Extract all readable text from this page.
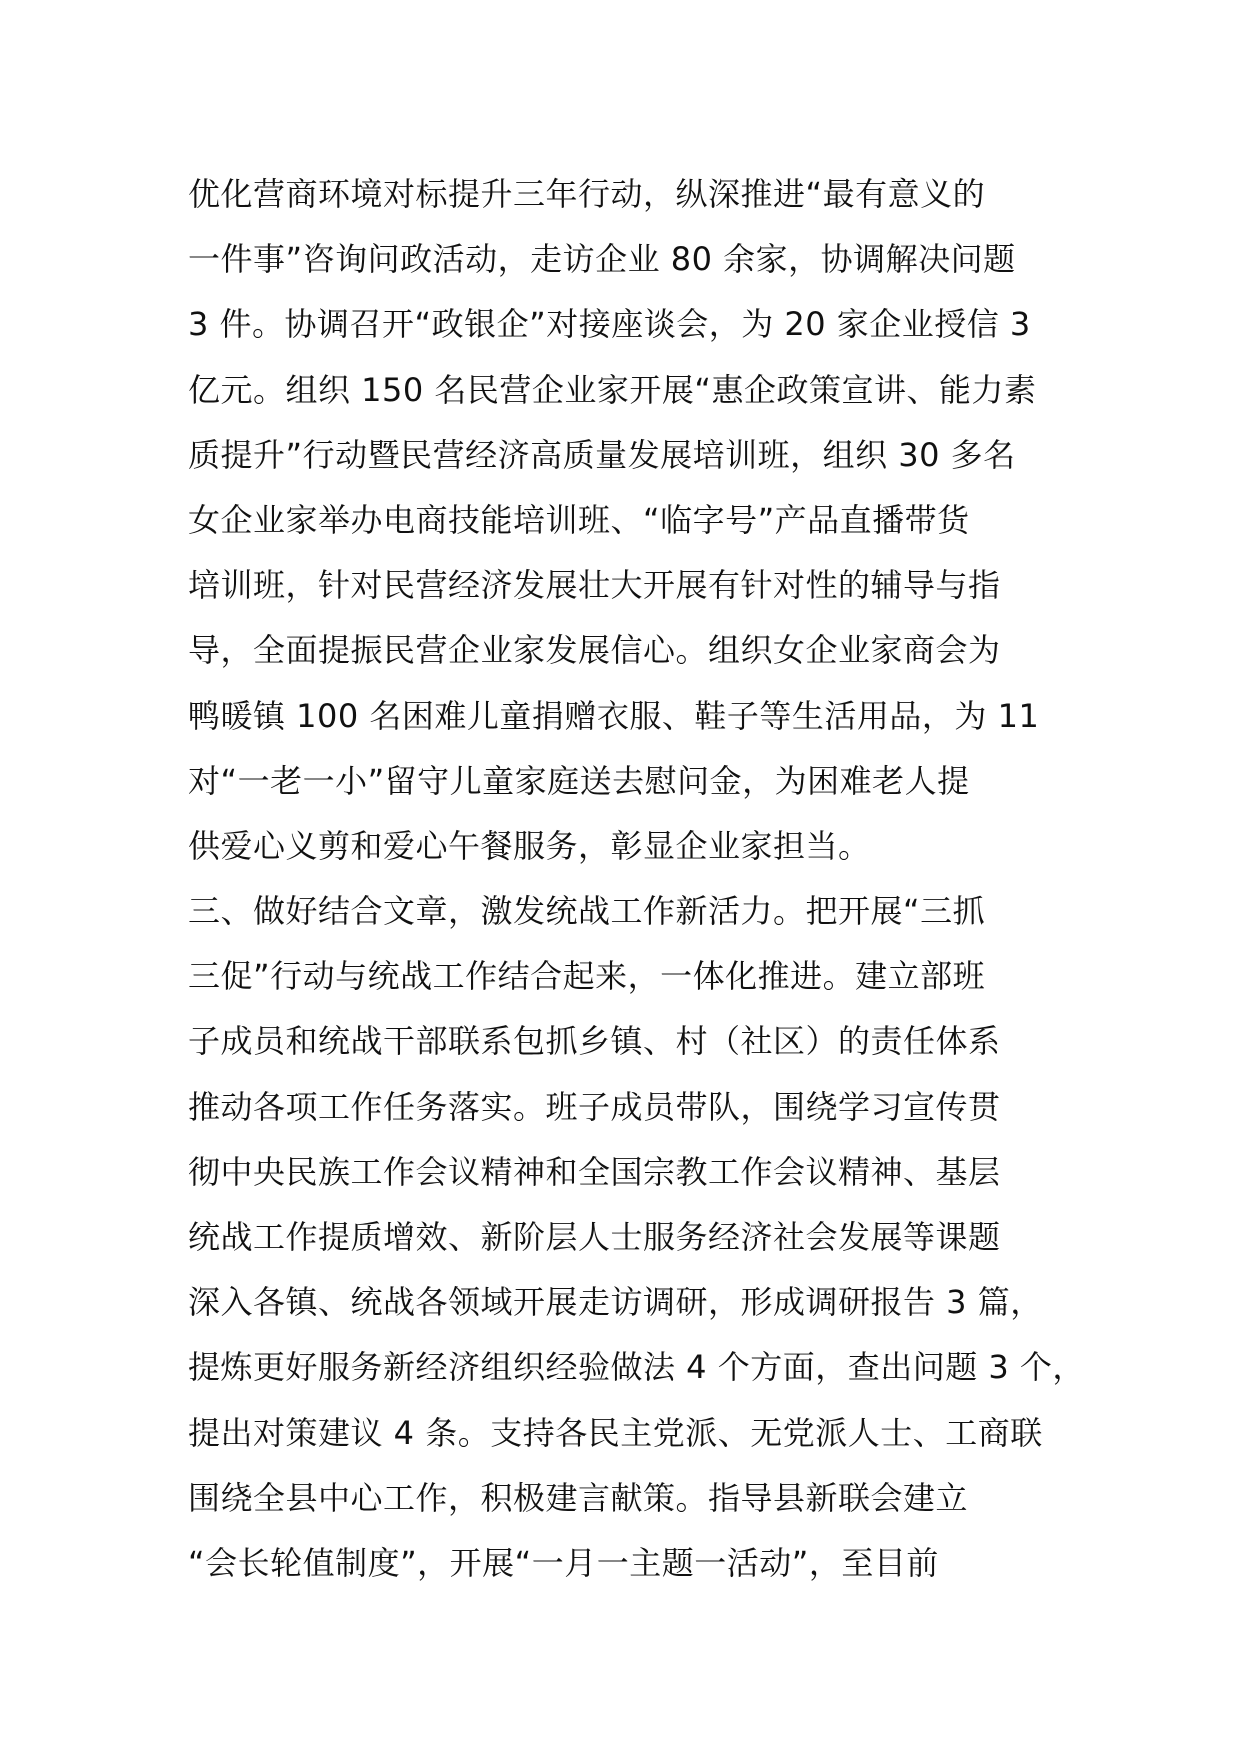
优化营商环境对标提升三年行动，纵深推进“最有意义的
一件事”咨询问政活动，走访企业 80 余家，协调解决问题
3 件。协调召开“政银企”对接座谈会，为 20 家企业授信 3
亿元。组织 150 名民营企业家开展“惠企政策宣讲、能力素
质提升”行动暨民营经济高质量发展培训班，组织 30 多名
女企业家举办电商技能培训班、“临字号”产品直播带货
培训班，针对民营经济发展壮大开展有针对性的辅导与指
导，全面提振民营企业家发展信心。组织女企业家商会为
鸭暖镇 100 名困难儿童捐赠衣服、鞋子等生活用品，为 11
对“一老一小”留守儿童家庭送去慰问金，为困难老人提
供爱心义剪和爱心午餐服务，彰显企业家担当。
三、做好结合文章，激发统战工作新活力。把开展“三抓
三促”行动与统战工作结合起来，一体化推进。建立部班
子成员和统战干部联系包抓乡镇、村（社区）的责任体系
推动各项工作任务落实。班子成员带队，围绕学习宣传贯
彻中央民族工作会议精神和全国宗教工作会议精神、基层
统战工作提质增效、新阶层人士服务经济社会发展等课题
深入各镇、统战各领域开展走访调研，形成调研报告 3 篇，
提炼更好服务新经济组织经验做法 4 个方面，查出问题 3 个，
提出对策建议 4 条。支持各民主党派、无党派人士、工商联
围绕全县中心工作，积极建言献策。指导县新联会建立
“会长轮值制度”，开展“一月一主题一活动”，至目前
